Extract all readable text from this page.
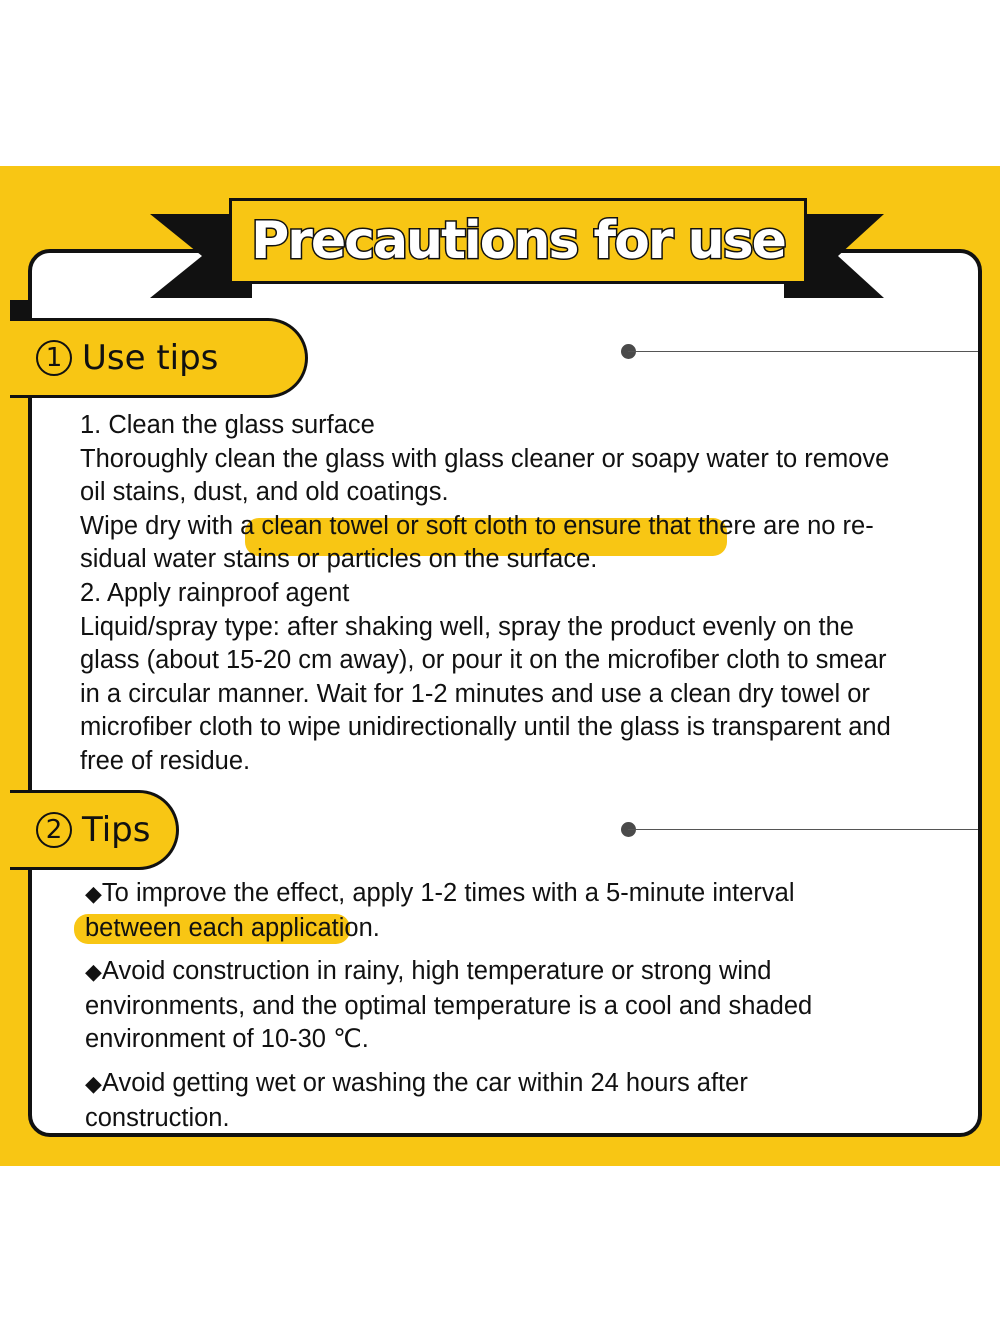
Precautions for use
1 Use tips

1. Clean the glass surface

Thoroughly clean the glass with glass cleaner or soapy water to remove

oil stains, dust, and old coatings.

Wipe dry with a clean towel or soft cloth to ensure that there are no re-

sidual water stains or particles on the surface.

2. Apply rainproof agent

Liquid/spray type: after shaking well, spray the product evenly on the

glass (about 15-20 cm away), or pour it on the microfiber cloth to smear

in a circular manner. Wait for 1-2 minutes and use a clean dry towel or

microfiber cloth to wipe unidirectionally until the glass is transparent and

free of residue.

2 Tips

◆To improve the effect, apply 1-2 times with a 5-minute interval

between each application.

◆Avoid construction in rainy, high temperature or strong wind

environments, and the optimal temperature is a cool and shaded

environment of 10-30 ℃.

◆Avoid getting wet or washing the car within 24 hours after

construction.
